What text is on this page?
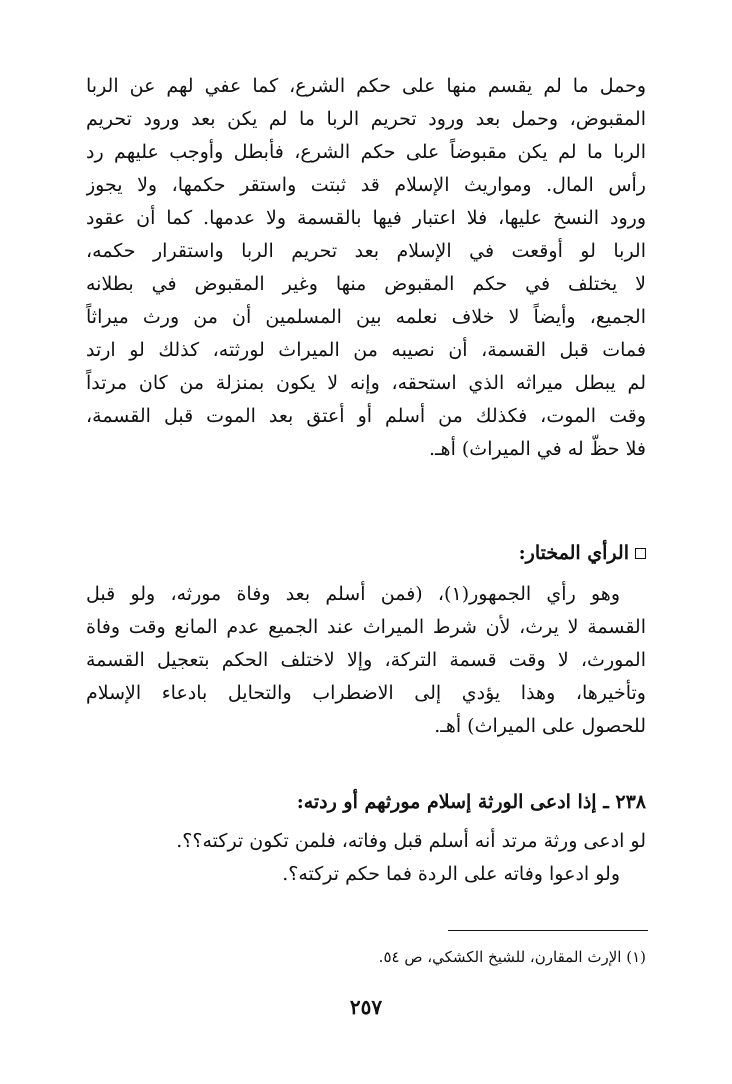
وحمل ما لم يقسم منها على حكم الشرع، كما عفي لهم عن الربا
المقبوض، وحمل بعد ورود تحريم الربا ما لم يكن بعد ورود تحريم
الربا ما لم يكن مقبوضاً على حكم الشرع، فأبطل وأوجب عليهم رد
رأس المال. ومواريث الإسلام قد ثبتت واستقر حكمها، ولا يجوز
ورود النسخ عليها، فلا اعتبار فيها بالقسمة ولا عدمها. كما أن عقود
الربا لو أوقعت في الإسلام بعد تحريم الربا واستقرار حكمه،
لا يختلف في حكم المقبوض منها وغير المقبوض في بطلانه
الجميع، وأيضاً لا خلاف نعلمه بين المسلمين أن من ورث ميراثاً
فمات قبل القسمة، أن نصيبه من الميراث لورثته، كذلك لو ارتد
لم يبطل ميراثه الذي استحقه، وإنه لا يكون بمنزلة من كان مرتداً
وقت الموت، فكذلك من أسلم أو أعتق بعد الموت قبل القسمة،
فلا حظّ له في الميراث) أهـ.
الرأي المختار:
وهو رأي الجمهور(١)، (فمن أسلم بعد وفاة مورثه، ولو قبل
القسمة لا يرث، لأن شرط الميراث عند الجميع عدم المانع وقت وفاة
المورث، لا وقت قسمة التركة، وإلا لاختلف الحكم بتعجيل القسمة
وتأخيرها، وهذا يؤدي إلى الاضطراب والتحايل بادعاء الإسلام
للحصول على الميراث) أهـ.
٢٣٨ ـ إذا ادعى الورثة إسلام مورثهم أو ردته:
لو ادعى ورثة مرتد أنه أسلم قبل وفاته، فلمن تكون تركته؟؟.
ولو ادعوا وفاته على الردة فما حكم تركته؟.
(١) الإرث المقارن، للشيخ الكشكي، ص ٥٤.
٢٥٧
